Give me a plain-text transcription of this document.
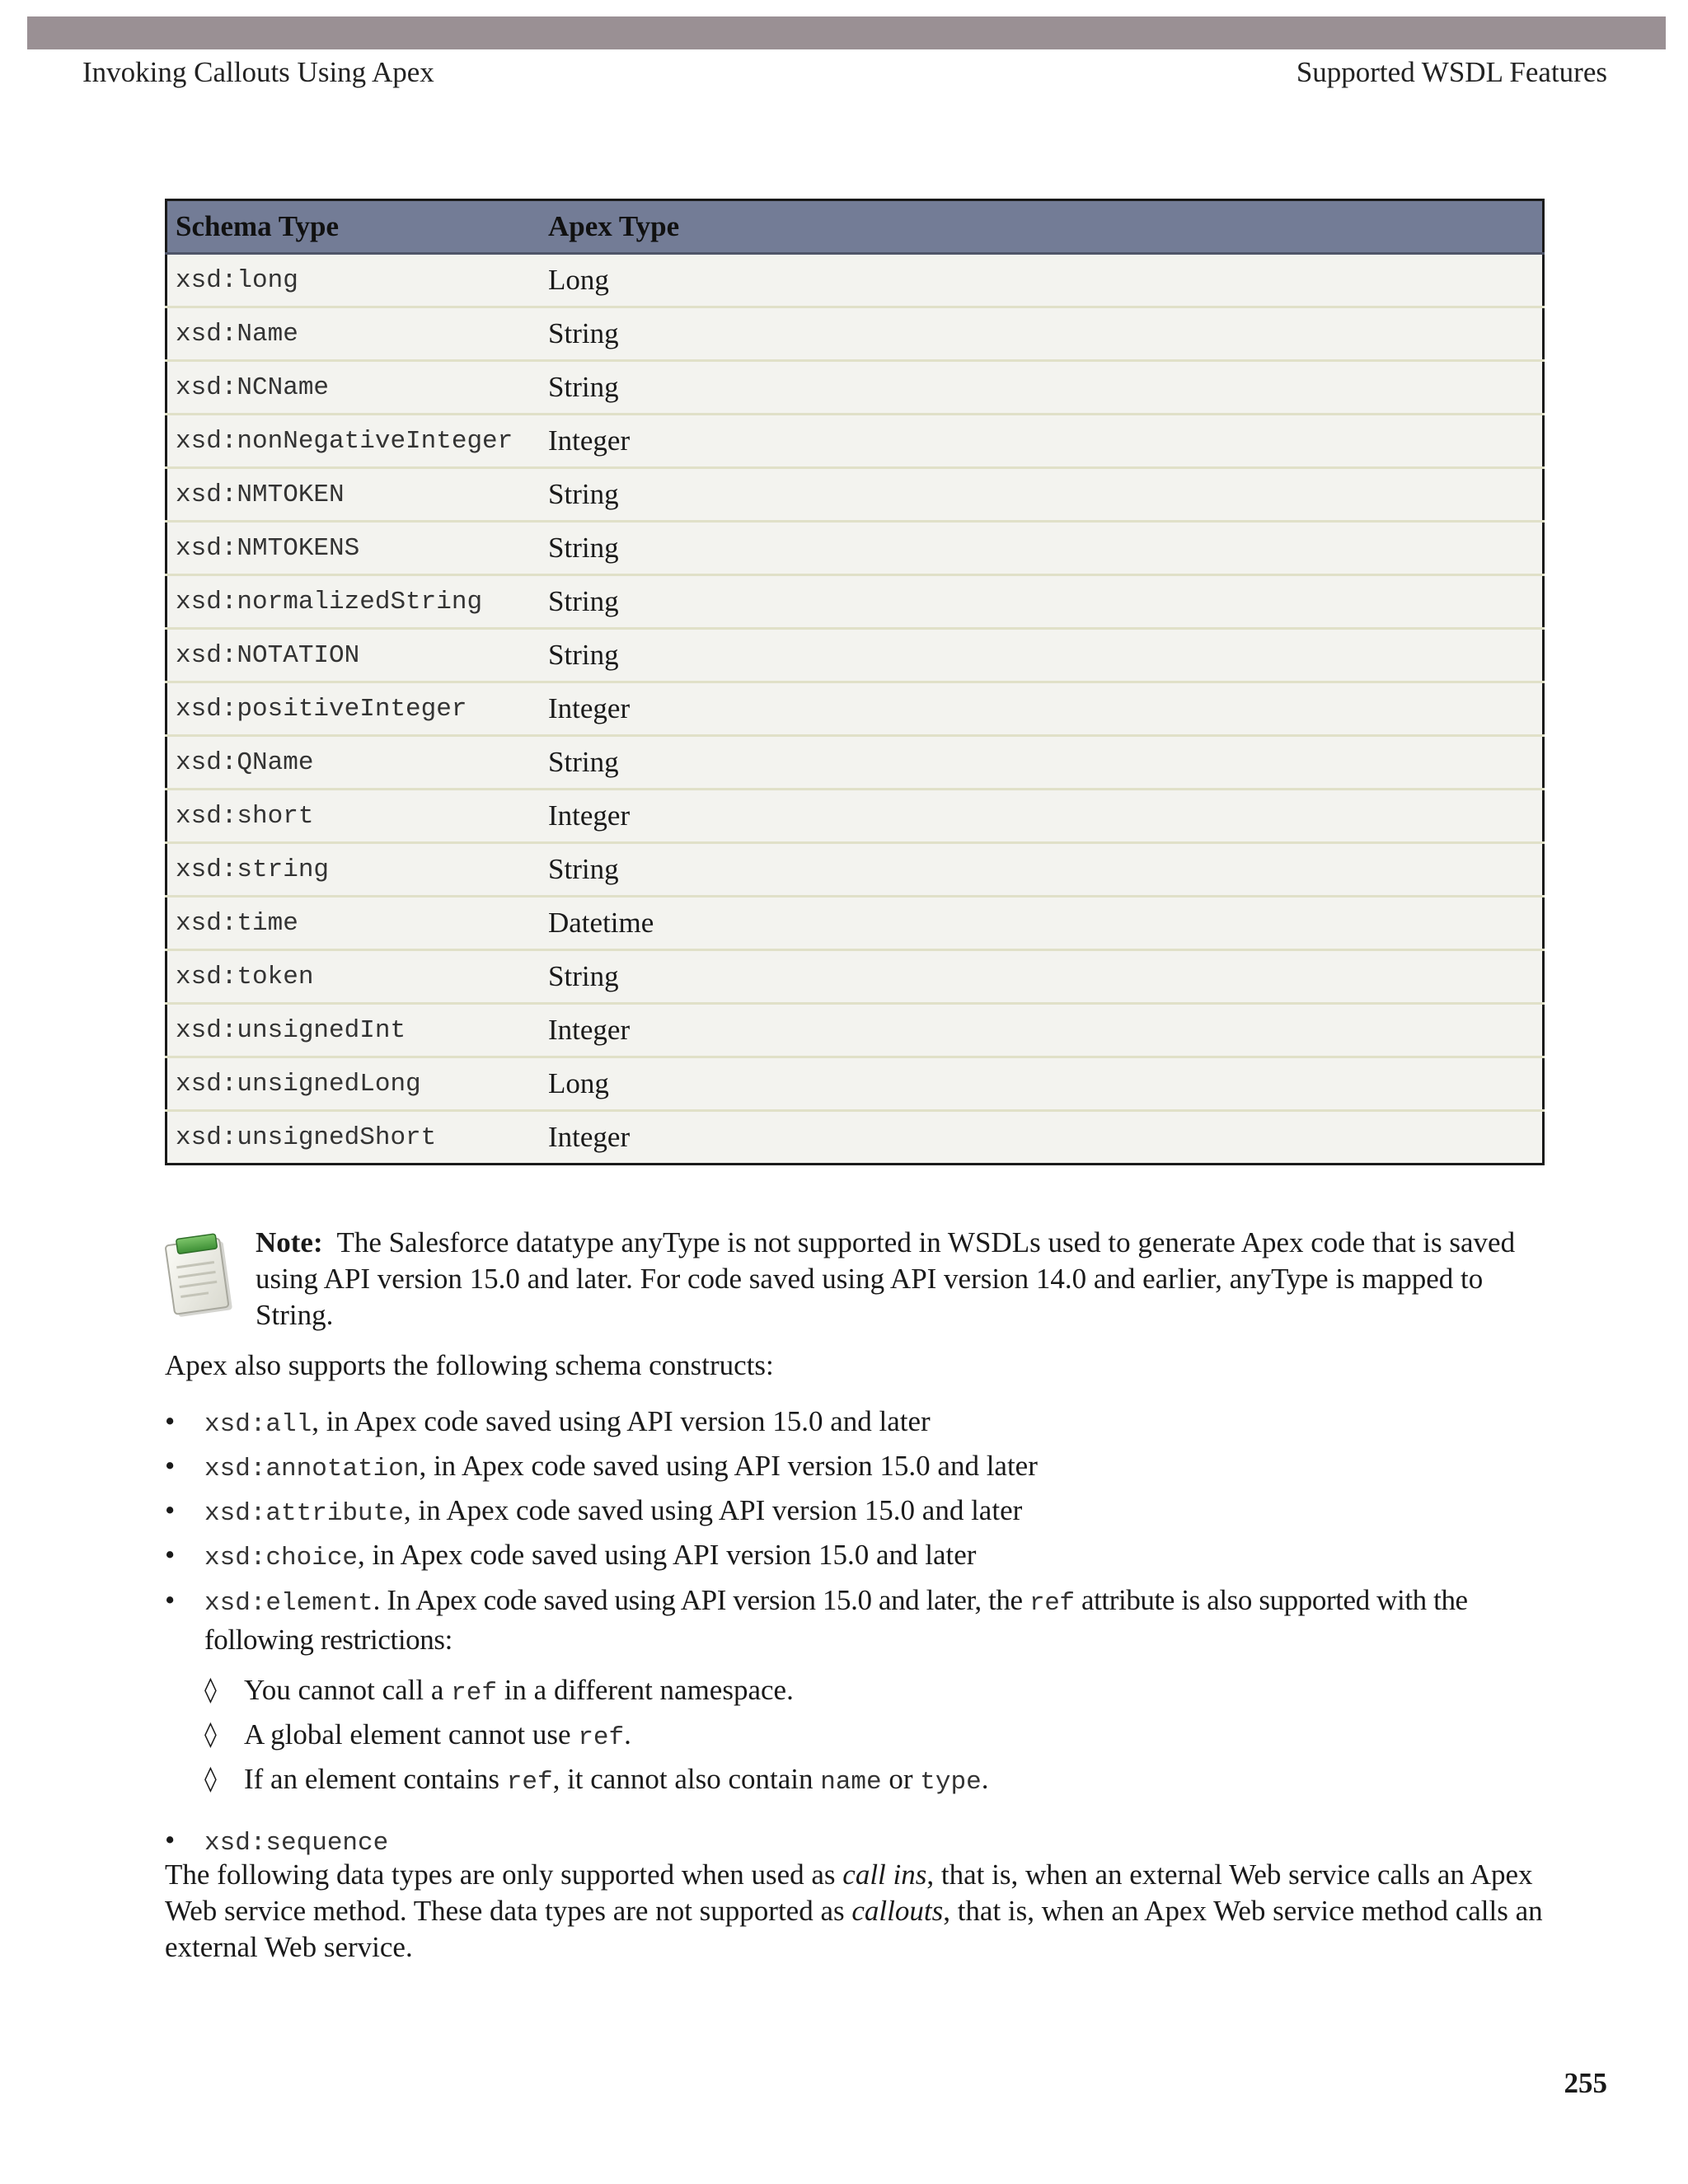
Invoking Callouts Using Apex	Supported WSDL Features
Schema Type	Apex Type
xsd:long	Long
xsd:Name	String
xsd:NCName	String
xsd:nonNegativeInteger	Integer
xsd:NMTOKEN	String
xsd:NMTOKENS	String
xsd:normalizedString	String
xsd:NOTATION	String
xsd:positiveInteger	Integer
xsd:QName	String
xsd:short	Integer
xsd:string	String
xsd:time	Datetime
xsd:token	String
xsd:unsignedInt	Integer
xsd:unsignedLong	Long
xsd:unsignedShort	Integer
Note: The Salesforce datatype anyType is not supported in WSDLs used to generate Apex code that is saved using API version 15.0 and later. For code saved using API version 14.0 and earlier, anyType is mapped to String.
Apex also supports the following schema constructs:
• xsd:all, in Apex code saved using API version 15.0 and later
• xsd:annotation, in Apex code saved using API version 15.0 and later
• xsd:attribute, in Apex code saved using API version 15.0 and later
• xsd:choice, in Apex code saved using API version 15.0 and later
• xsd:element. In Apex code saved using API version 15.0 and later, the ref attribute is also supported with the following restrictions:
◊ You cannot call a ref in a different namespace.
◊ A global element cannot use ref.
◊ If an element contains ref, it cannot also contain name or type.
• xsd:sequence
The following data types are only supported when used as call ins, that is, when an external Web service calls an Apex Web service method. These data types are not supported as callouts, that is, when an Apex Web service method calls an external Web service.
255
